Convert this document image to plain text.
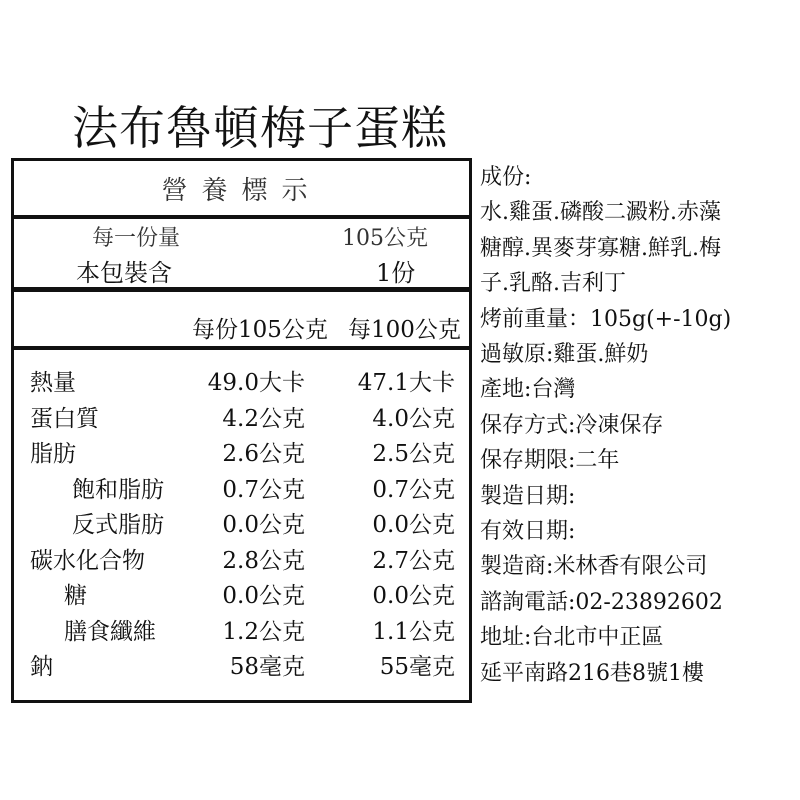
法布魯頓梅子蛋糕
營養標示
每一份量	105公克
本包裝含	1份
每份105公克 每100公克
熱量	49.0大卡 47.1大卡
蛋白質	4.2公克	4.0公克
脂肪	2.6公克	2.5公克
飽和脂肪	0.7公克	0.7公克
反式脂肪	0.0公克	0.0公克
碳水化合物	2.8公克	2.7公克
糖	0.0公克	0.0公克
膳食纖維	1.2公克	1.1公克
鈉	58毫克	55毫克
成份:
水.雞蛋.磷酸二澱粉.赤藻
糖醇.異麥芽寡糖.鮮乳.梅
子.乳酪.吉利丁
烤前重量：105g(+-10g)
過敏原:雞蛋.鮮奶
產地:台灣
保存方式:冷凍保存
保存期限:二年
製造日期:
有效日期:
製造商:米林香有限公司
諮詢電話:02-23892602
地址:台北市中正區
延平南路216巷8號1樓
